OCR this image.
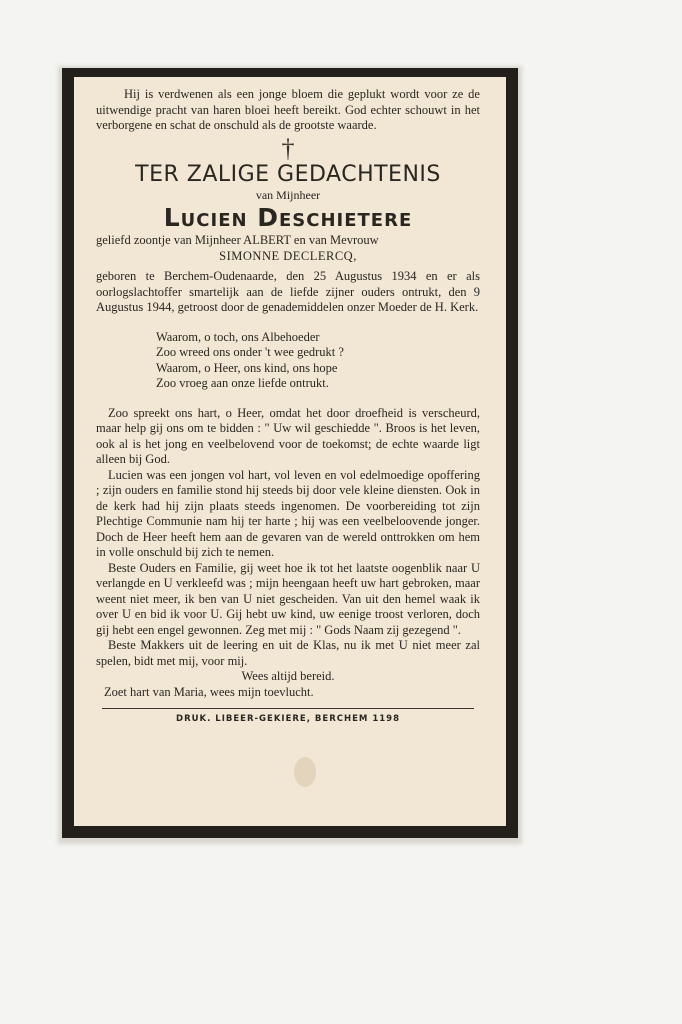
Hij is verdwenen als een jonge bloem die geplukt wordt voor ze de uitwendige pracht van haren bloei heeft bereikt. God echter schouwt in het verborgene en schat de onschuld als de grootste waarde.

†
TER ZALIGE GEDACHTENIS
van Mijnheer
Lucien Deschietere

geliefd zoontje van Mijnheer ALBERT en van Mevrouw

SIMONNE DECLERCQ,

geboren te Berchem-Oudenaarde, den 25 Augustus 1934 en er als oorlogslachtoffer smartelijk aan de liefde zijner ouders ontrukt, den 9 Augustus 1944, getroost door de genademiddelen onzer Moeder de H. Kerk.

Waarom, o toch, ons Albehoeder
Zoo wreed ons onder 't wee gedrukt ?
Waarom, o Heer, ons kind, ons hope
Zoo vroeg aan onze liefde ontrukt.

Zoo spreekt ons hart, o Heer, omdat het door droefheid is verscheurd, maar help gij ons om te bidden : " Uw wil geschiedde ". Broos is het leven, ook al is het jong en veelbelovend voor de toekomst; de echte waarde ligt alleen bij God.

Lucien was een jongen vol hart, vol leven en vol edelmoedige opoffering ; zijn ouders en familie stond hij steeds bij door vele kleine diensten. Ook in de kerk had hij zijn plaats steeds ingenomen. De voorbereiding tot zijn Plechtige Communie nam hij ter harte ; hij was een veelbeloovende jonger. Doch de Heer heeft hem aan de gevaren van de wereld onttrokken om hem in volle onschuld bij zich te nemen.

Beste Ouders en Familie, gij weet hoe ik tot het laatste oogenblik naar U verlangde en U verkleefd was ; mijn heengaan heeft uw hart gebroken, maar weent niet meer, ik ben van U niet gescheiden. Van uit den hemel waak ik over U en bid ik voor U. Gij hebt uw kind, uw eenige troost verloren, doch gij hebt een engel gewonnen. Zeg met mij : " Gods Naam zij gezegend ".

Beste Makkers uit de leering en uit de Klas, nu ik met U niet meer zal spelen, bidt met mij, voor mij.

Wees altijd bereid.
Zoet hart van Maria, wees mijn toevlucht.
DRUK. LIBEER-GEKIERE, BERCHEM 1198
